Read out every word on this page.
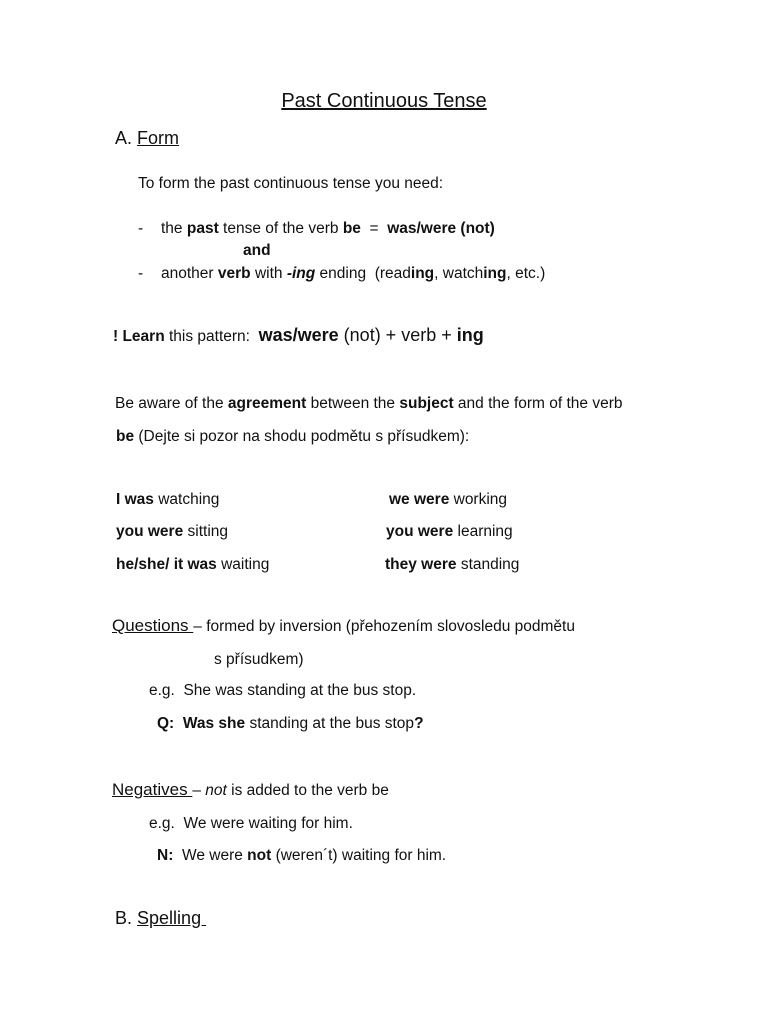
Past Continuous Tense
A. Form
To form the past continuous tense you need:
- the past tense of the verb be  =  was/were (not)
and
- another verb with -ing ending  (reading, watching, etc.)
! Learn this pattern:  was/were (not) + verb + ing
Be aware of the agreement between the subject and the form of the verb
be (Dejte si pozor na shodu podmětu s přísudkem):
I was watching	we were working
you were sitting	you were learning
he/she/ it was waiting	they were standing
Questions – formed by inversion (přehozením slovosledu podmětu
s přísudkem)
e.g.  She was standing at the bus stop.
Q:  Was she standing at the bus stop?
Negatives – not is added to the verb be
e.g.  We were waiting for him.
N:  We were not (weren´t) waiting for him.
B. Spelling
